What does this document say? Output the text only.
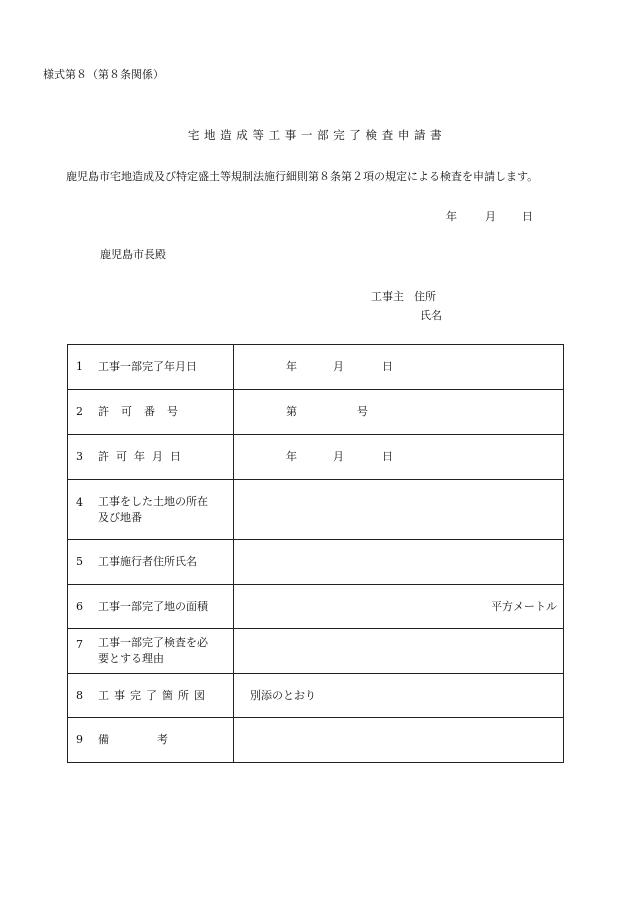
様式第８（第８条関係）
宅 地 造 成 等 工 事 一 部 完 了 検 査 申 請 書
鹿児島市宅地造成及び特定盛土等規制法施行細則第８条第２項の規定による検査を申請します。
年	月 日
鹿児島市長殿
工事主 住所
氏名
1 工事一部完了年月日	年 月 日

2 許可番号	第 号

3 許可年月日	年 月 日

4 工事をした土地の所在及び地番	

5 工事施行者住所氏名	

6 工事一部完了地の面積	平方メートル

7 工事一部完了検査を必要とする理由	

8 工事完了箇所図	別添のとおり

9 備考	
